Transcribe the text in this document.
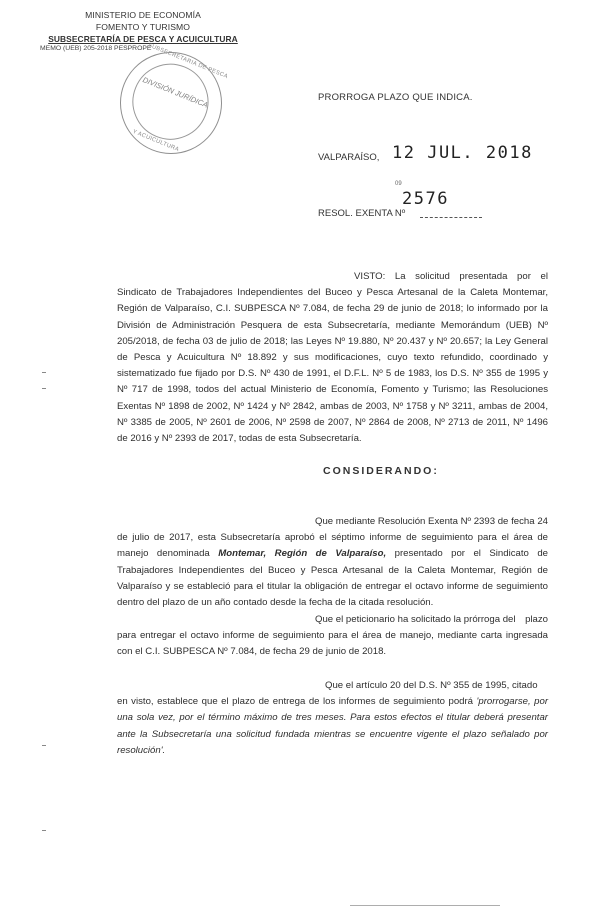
MINISTERIO DE ECONOMÍA
FOMENTO Y TURISMO
SUBSECRETARÍA DE PESCA Y ACUICULTURA
MEMO (UEB) 205-2018 PESPROPE
SUBSECRETARIA DE PESCA
DIVISIÓN JURÍDICA
Y ACUICULTURA
PRORROGA PLAZO QUE INDICA.
VALPARAÍSO, 12 JUL. 2018
09
2576
RESOL. EXENTA Nº
VISTO: La solicitud presentada por el Sindicato de Trabajadores Independientes del Buceo y Pesca Artesanal de la Caleta Montemar, Región de Valparaíso, C.I. SUBPESCA Nº 7.084, de fecha 29 de junio de 2018; lo informado por la División de Administración Pesquera de esta Subsecretaría, mediante Memorándum (UEB) Nº 205/2018, de fecha 03 de julio de 2018; las Leyes Nº 19.880, Nº 20.437 y Nº 20.657; la Ley General de Pesca y Acuicultura Nº 18.892 y sus modificaciones, cuyo texto refundido, coordinado y sistematizado fue fijado por D.S. Nº 430 de 1991, el D.F.L. Nº 5 de 1983, los D.S. Nº 355 de 1995 y Nº 717 de 1998, todos del actual Ministerio de Economía, Fomento y Turismo; las Resoluciones Exentas Nº 1898 de 2002, Nº 1424 y Nº 2842, ambas de 2003, Nº 1758 y Nº 3211, ambas de 2004, Nº 3385 de 2005, Nº 2601 de 2006, Nº 2598 de 2007, Nº 2864 de 2008, Nº 2713 de 2011, Nº 1496 de 2016 y Nº 2393 de 2017, todas de esta Subsecretaría.
CONSIDERANDO:
Que mediante Resolución Exenta Nº 2393 de fecha 24 de julio de 2017, esta Subsecretaría aprobó el séptimo informe de seguimiento para el área de manejo denominada Montemar, Región de Valparaíso, presentado por el Sindicato de Trabajadores Independientes del Buceo y Pesca Artesanal de la Caleta Montemar, Región de Valparaíso y se estableció para el titular la obligación de entregar el octavo informe de seguimiento dentro del plazo de un año contado desde la fecha de la citada resolución.
Que el peticionario ha solicitado la prórroga del plazo para entregar el octavo informe de seguimiento para el área de manejo, mediante carta ingresada con el C.I. SUBPESCA Nº 7.084, de fecha 29 de junio de 2018.
Que el artículo 20 del D.S. Nº 355 de 1995, citado en visto, establece que el plazo de entrega de los informes de seguimiento podrá 'prorrogarse, por una sola vez, por el término máximo de tres meses. Para estos efectos el titular deberá presentar ante la Subsecretaría una solicitud fundada mientras se encuentre vigente el plazo señalado por resolución'.
